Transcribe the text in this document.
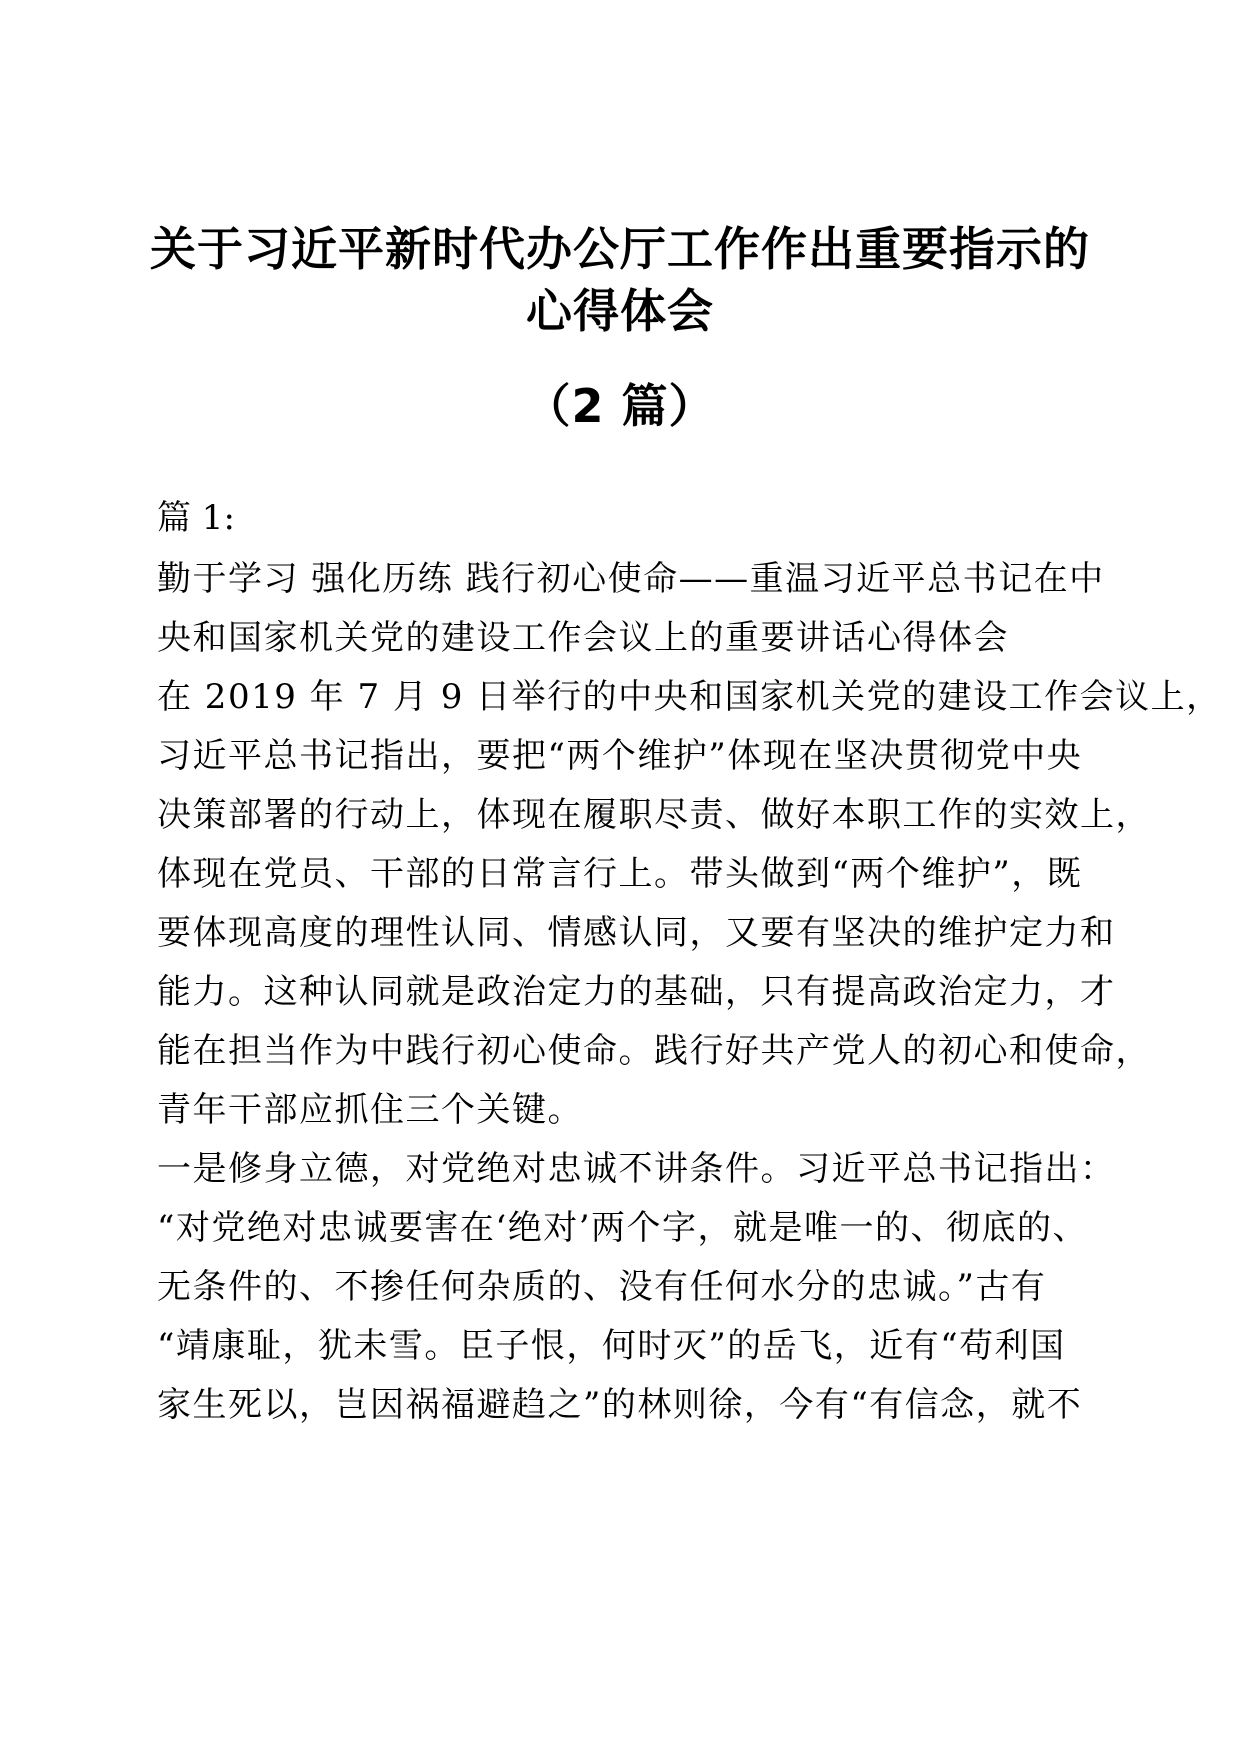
关于习近平新时代办公厅工作作出重要指示的
心得体会
（2 篇）
篇 1:
勤于学习 强化历练 践行初心使命——重温习近平总书记在中
央和国家机关党的建设工作会议上的重要讲话心得体会
在 2019 年 7 月 9 日举行的中央和国家机关党的建设工作会议上，
习近平总书记指出，要把“两个维护”体现在坚决贯彻党中央
决策部署的行动上，体现在履职尽责、做好本职工作的实效上，
体现在党员、干部的日常言行上。带头做到“两个维护”，既
要体现高度的理性认同、情感认同，又要有坚决的维护定力和
能力。这种认同就是政治定力的基础，只有提高政治定力，才
能在担当作为中践行初心使命。践行好共产党人的初心和使命，
青年干部应抓住三个关键。
一是修身立德，对党绝对忠诚不讲条件。习近平总书记指出：
“对党绝对忠诚要害在‘绝对’两个字，就是唯一的、彻底的、
无条件的、不掺任何杂质的、没有任何水分的忠诚。”古有
“靖康耻，犹未雪。臣子恨，何时灭”的岳飞，近有“苟利国
家生死以，岂因祸福避趋之”的林则徐，今有“有信念，就不
